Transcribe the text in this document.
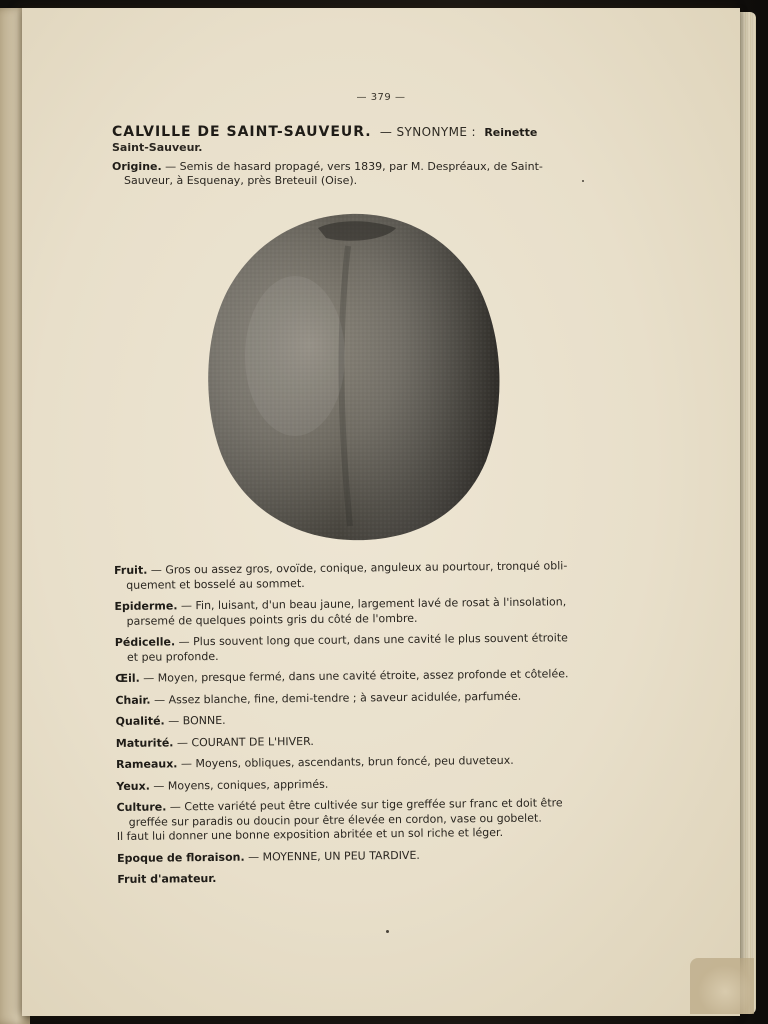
— 379 —
CALVILLE DE SAINT-SAUVEUR. — SYNONYME : Reinette
Saint-Sauveur.
Origine. — Semis de hasard propagé, vers 1839, par M. Despréaux, de Saint-
Sauveur, à Esquenay, près Breteuil (Oise).
Fruit. — Gros ou assez gros, ovoïde, conique, anguleux au pourtour, tronqué obli-
quement et bosselé au sommet.
Epiderme. — Fin, luisant, d'un beau jaune, largement lavé de rosat à l'insolation,
parsemé de quelques points gris du côté de l'ombre.
Pédicelle. — Plus souvent long que court, dans une cavité le plus souvent étroite
et peu profonde.
Œil. — Moyen, presque fermé, dans une cavité étroite, assez profonde et côtelée.
Chair. — Assez blanche, fine, demi-tendre ; à saveur acidulée, parfumée.
Qualité. — BONNE.
Maturité. — COURANT DE L'HIVER.
Rameaux. — Moyens, obliques, ascendants, brun foncé, peu duveteux.
Yeux. — Moyens, coniques, apprimés.
Culture. — Cette variété peut être cultivée sur tige greffée sur franc et doit être
greffée sur paradis ou doucin pour être élevée en cordon, vase ou gobelet.
Il faut lui donner une bonne exposition abritée et un sol riche et léger.
Epoque de floraison. — MOYENNE, UN PEU TARDIVE.
Fruit d'amateur.
